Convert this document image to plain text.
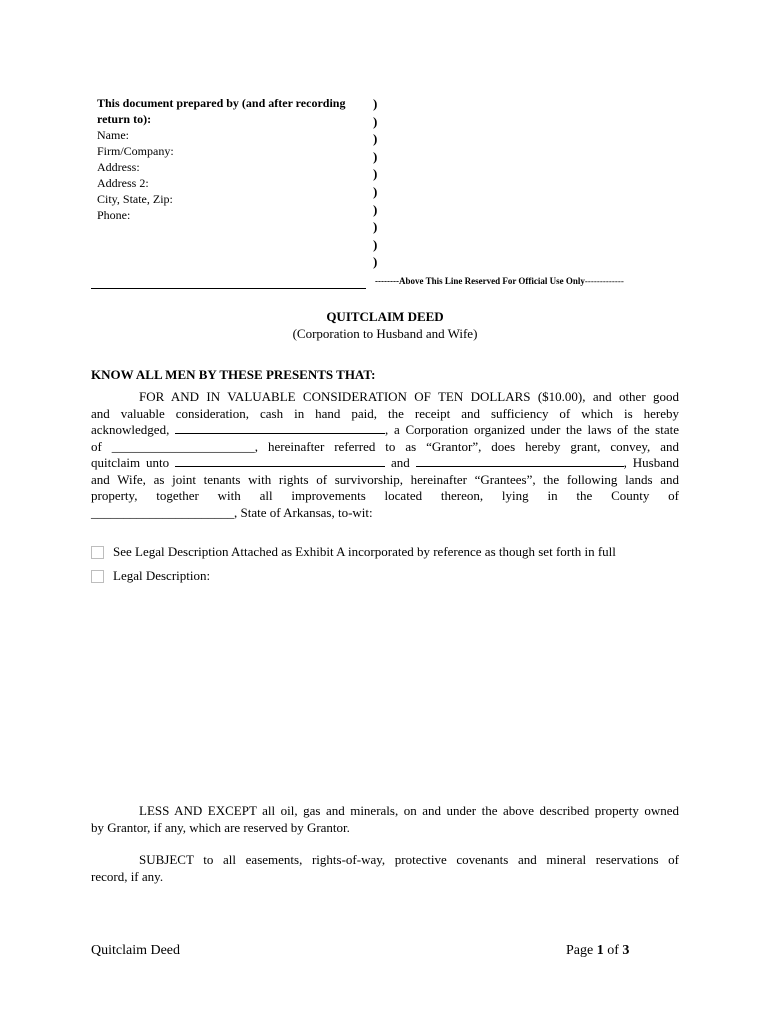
This document prepared by (and after recording
return to):
Name:
Firm/Company:
Address:
Address 2:
City, State, Zip:
Phone:
)
)
)
)
)
)
)
)
)
)
--------Above This Line Reserved For Official Use Only-------------
QUITCLAIM DEED
(Corporation to Husband and Wife)
KNOW ALL MEN BY THESE PRESENTS THAT:
FOR AND IN VALUABLE CONSIDERATION OF TEN DOLLARS ($10.00), and other good
and valuable consideration, cash in hand paid, the receipt and sufficiency of which is hereby
acknowledged,	, a Corporation organized under the laws of the state
of ______________________, hereinafter referred to as “Grantor”, does hereby grant, convey, and
quitclaim unto	and	, Husband
and Wife, as joint tenants with rights of survivorship, hereinafter “Grantees”, the following lands and
property, together with all improvements located thereon, lying in the County of
______________________, State of Arkansas, to-wit:
See Legal Description Attached as Exhibit A incorporated by reference as though set forth in full
Legal Description:
LESS AND EXCEPT all oil, gas and minerals, on and under the above described property owned
by Grantor, if any, which are reserved by Grantor.
SUBJECT to all easements, rights-of-way, protective covenants and mineral reservations of
record, if any.
Quitclaim Deed	Page 1 of 3
